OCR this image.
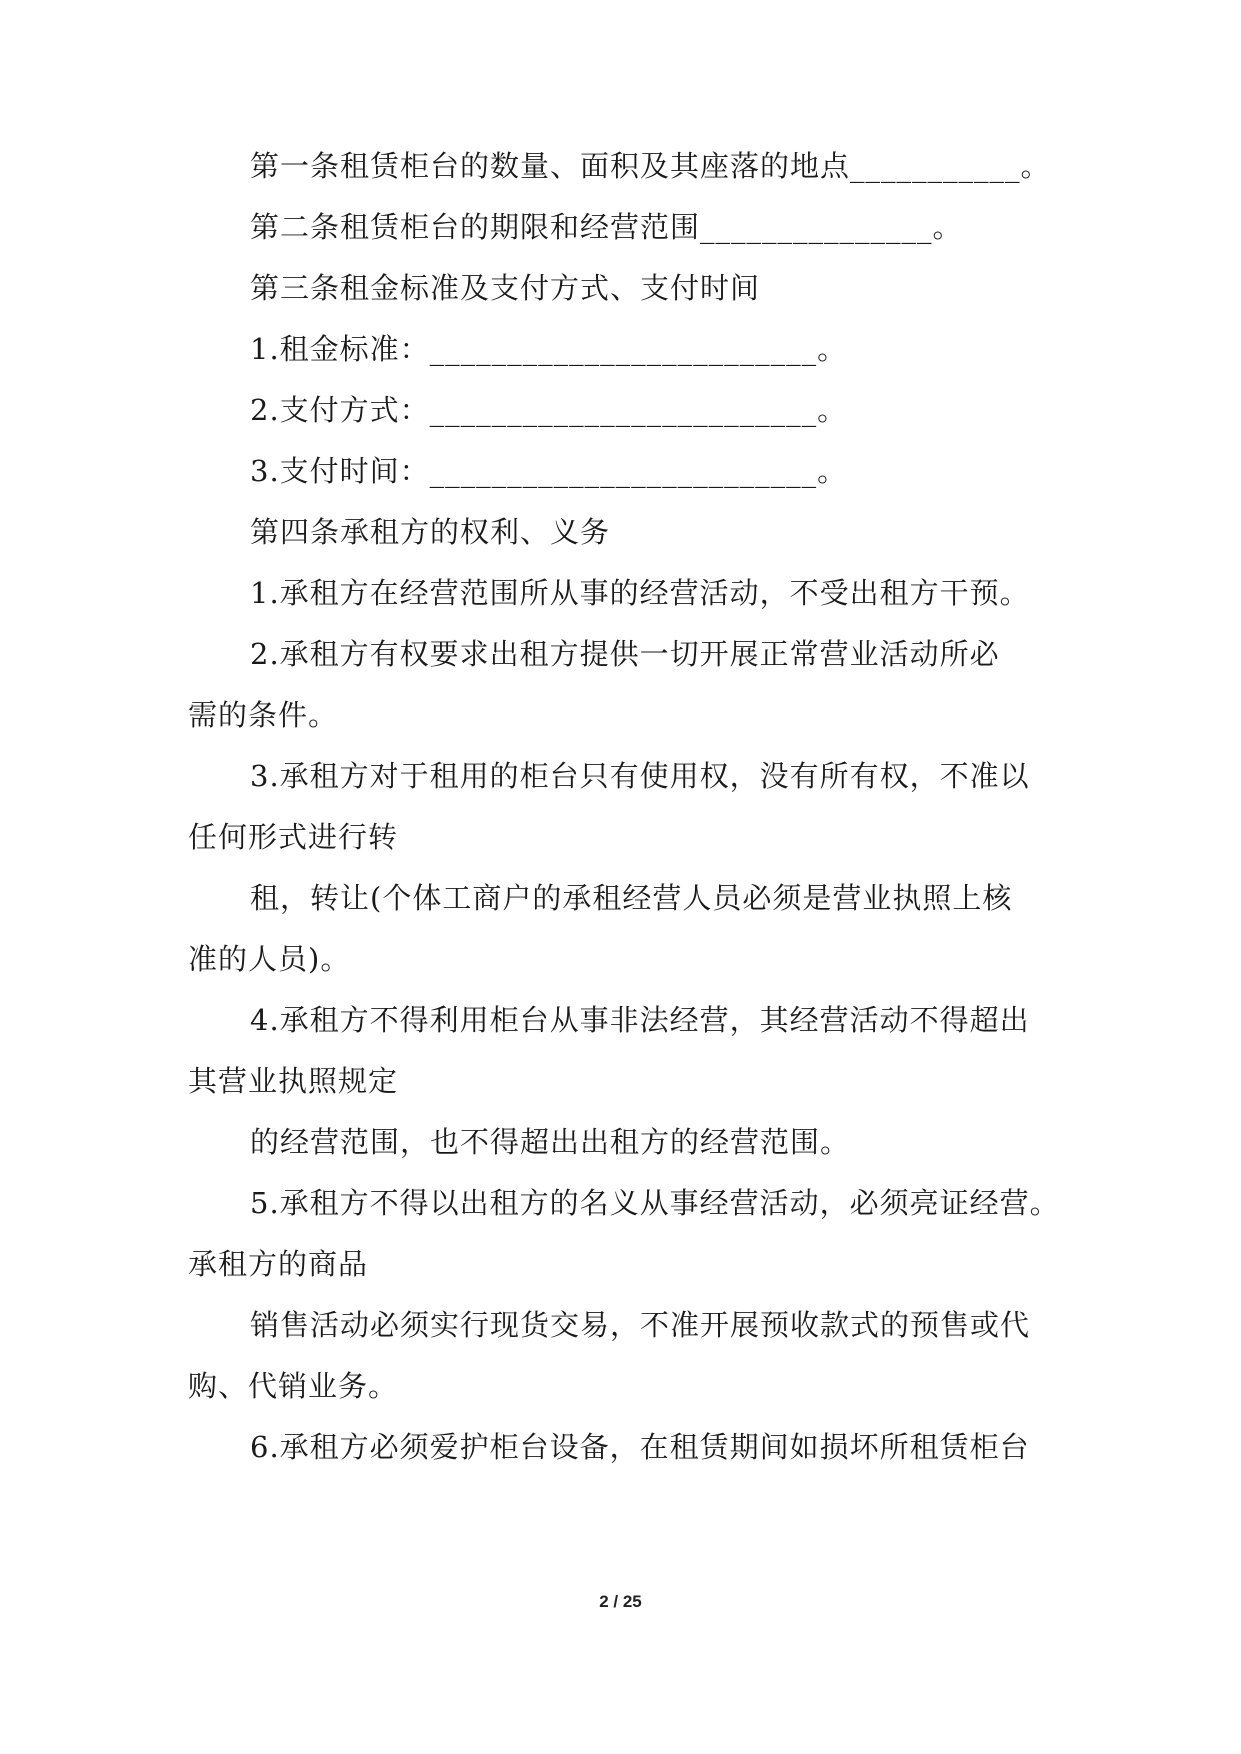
第一条租赁柜台的数量、面积及其座落的地点___________。
第二条租赁柜台的期限和经营范围_______________。
第三条租金标准及支付方式、支付时间
1.租金标准：_________________________。
2.支付方式：_________________________。
3.支付时间：_________________________。
第四条承租方的权利、义务
1.承租方在经营范围所从事的经营活动，不受出租方干预。
2.承租方有权要求出租方提供一切开展正常营业活动所必
需的条件。
3.承租方对于租用的柜台只有使用权，没有所有权，不准以
任何形式进行转
租，转让(个体工商户的承租经营人员必须是营业执照上核
准的人员)。
4.承租方不得利用柜台从事非法经营，其经营活动不得超出
其营业执照规定
的经营范围，也不得超出出租方的经营范围。
5.承租方不得以出租方的名义从事经营活动，必须亮证经营。
承租方的商品
销售活动必须实行现货交易，不准开展预收款式的预售或代
购、代销业务。
6.承租方必须爱护柜台设备，在租赁期间如损坏所租赁柜台
2 / 25
